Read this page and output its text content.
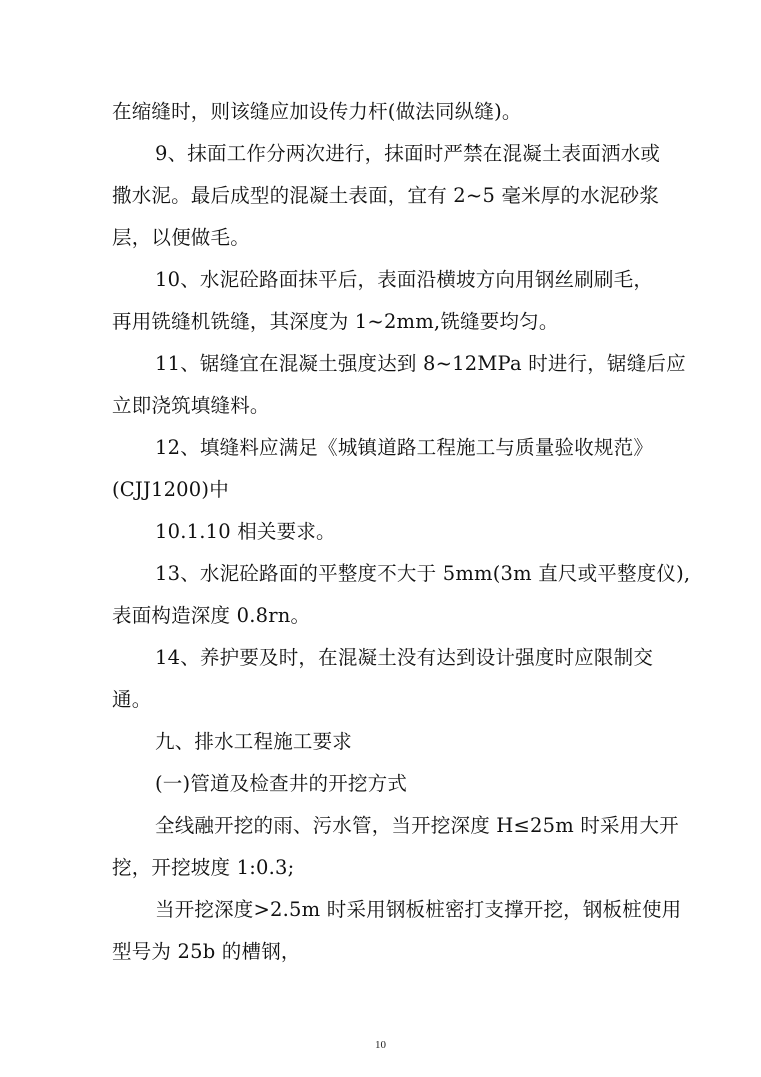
在缩缝时，则该缝应加设传力杆(做法同纵缝)。
9、抹面工作分两次进行，抹面时严禁在混凝土表面洒水或
撒水泥。最后成型的混凝土表面，宜有 2~5 毫米厚的水泥砂浆
层，以便做毛。
10、水泥砼路面抹平后，表面沿横坡方向用钢丝刷刷毛，
再用铣缝机铣缝，其深度为 1~2mm,铣缝要均匀。
11、锯缝宜在混凝土强度达到 8~12MPa 时进行，锯缝后应
立即浇筑填缝料。
12、填缝料应满足《城镇道路工程施工与质量验收规范》
(CJJ1200)中
10.1.10 相关要求。
13、水泥砼路面的平整度不大于 5mm(3m 直尺或平整度仪),
表面构造深度 0.8rn。
14、养护要及时，在混凝土没有达到设计强度时应限制交
通。
九、排水工程施工要求
(一)管道及检查井的开挖方式
全线融开挖的雨、污水管，当开挖深度 H≤25m 时采用大开
挖，开挖坡度 1:0.3;
当开挖深度>2.5m 时采用钢板桩密打支撑开挖，钢板桩使用
型号为 25b 的槽钢，
10
